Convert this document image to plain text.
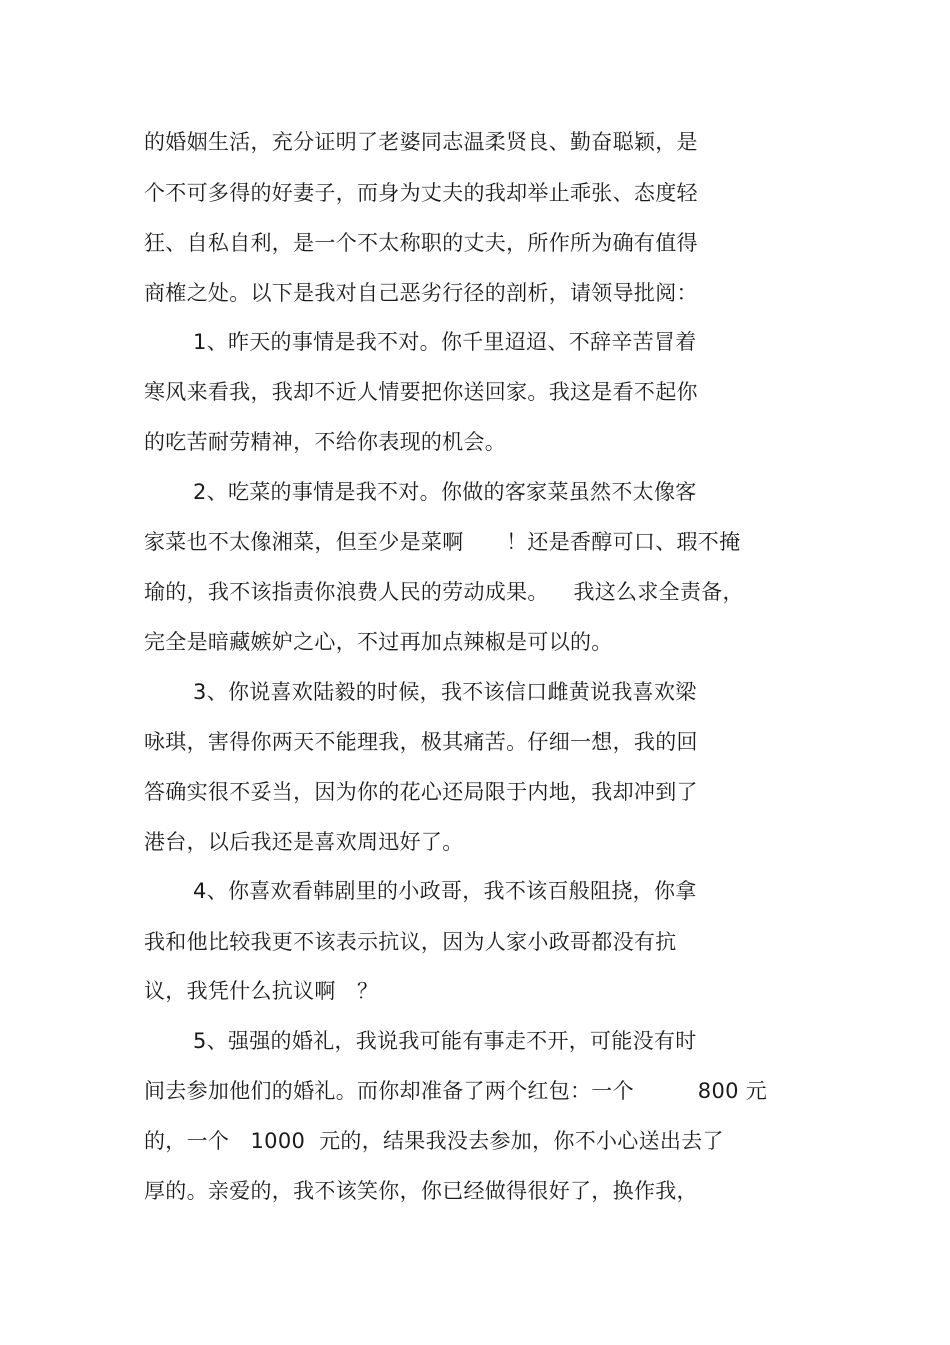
的婚姻生活，充分证明了老婆同志温柔贤良、勤奋聪颖，是
个不可多得的好妻子，而身为丈夫的我却举止乖张、态度轻
狂、自私自利，是一个不太称职的丈夫，所作所为确有值得
商榷之处。以下是我对自己恶劣行径的剖析，请领导批阅：
1、昨天的事情是我不对。你千里迢迢、不辞辛苦冒着
寒风来看我，我却不近人情要把你送回家。我这是看不起你
的吃苦耐劳精神，不给你表现的机会。
2、吃菜的事情是我不对。你做的客家菜虽然不太像客
家菜也不太像湘菜，但至少是菜啊　　！还是香醇可口、瑕不掩
瑜的，我不该指责你浪费人民的劳动成果。　  我这么求全责备，
完全是暗藏嫉妒之心，不过再加点辣椒是可以的。
3、你说喜欢陆毅的时候，我不该信口雌黄说我喜欢梁
咏琪，害得你两天不能理我，极其痛苦。仔细一想，我的回
答确实很不妥当，因为你的花心还局限于内地，我却冲到了
港台，以后我还是喜欢周迅好了。
4、你喜欢看韩剧里的小政哥，我不该百般阻挠，你拿
我和他比较我更不该表示抗议，因为人家小政哥都没有抗
议，我凭什么抗议啊　？
5、强强的婚礼，我说我可能有事走不开，可能没有时
间去参加他们的婚礼。而你却准备了两个红包：一个　　　800 元
的，一个　1000  元的，结果我没去参加，你不小心送出去了
厚的。亲爱的，我不该笑你，你已经做得很好了，换作我，
